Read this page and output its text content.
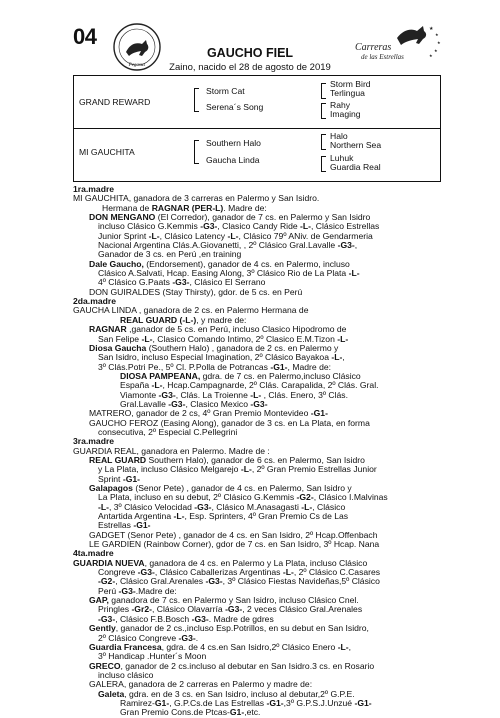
04
Pegasus
★
★
★
★
★
Carreras
de las Estrellas
GAUCHO FIEL
Zaino, nacido el 28 de agosto de 2019
GRAND REWARD
Storm Cat
Serena´s Song
Storm Bird
Terlingua
Rahy
Imaging
MI GAUCHITA
Southern Halo
Gaucha Linda
Halo
Northern Sea
Luhuk
Guardia Real
1ra.madre
MI GAUCHITA, ganadora de 3 carreras en Palermo y San Isidro.
Hermana de RAGNAR (PER-L). Madre de:
DON MENGANO (El Corredor), ganador de 7 cs. en Palermo y San Isidro
incluso Clásico G.Kemmis -G3-, Clasico Candy Ride -L-, Clásico Estrellas
Junior Sprint -L-, Clásico Latency -L-, Clásico 79º ANiv. de Gendarmeria
Nacional Argentina Clás.A.Giovanetti, , 2º Clásico Gral.Lavalle -G3-,
Ganador de 3 cs. en Perú ,en training
Dale Gaucho, (Endorsement), ganador de 4 cs. en Palermo, incluso
Clásico A.Salvati, Hcap. Easing Along, 3º Clásico Rio de La Plata -L-
4º Clásico G.Paats -G3-, Clásico El Serrano
DON GUIRALDES (Stay Thirsty), gdor. de 5 cs. en Perú
2da.madre
GAUCHA LINDA , ganadora de 2 cs. en Palermo Hermana de
REAL GUARD (-L-), y madre de:
RAGNAR ,ganador de 5 cs. en Perú, incluso Clasico Hipodromo de
San Felipe -L-, Clasico Comando Intimo, 2º Clasico E.M.Tizon -L-
Diosa Gaucha (Southern Halo) , ganadora de 2 cs. en Palermo y
San Isidro, incluso Especial Imagination, 2º Clásico Bayakoa -L-,
3º Clás.Potri Pe., 5º Cl. P.Polla de Potrancas -G1-, Madre de:
DIOSA PAMPEANA, gdra. de 7 cs. en Palermo,incluso Clásico
España -L-, Hcap.Campagnarde, 2º Clás. Carapalida, 2º Clás. Gral.
Viamonte -G3-, Clás. La Troienne -L- , Clás. Enero, 3º Clás.
Gral.Lavalle -G3-, Clasico Mexico -G3-
MATRERO, ganador de 2 cs, 4º Gran Premio Montevideo -G1-
GAUCHO FEROZ (Easing Along), ganador de 3 cs. en La Plata, en forma
consecutiva, 2º Especial C.Pellegrini
3ra.madre
GUARDIA REAL, ganadora en Palermo. Madre de :
REAL GUARD Southern Halo), ganador de 6 cs. en Palermo, San Isidro
y La Plata, incluso Clásico Melgarejo -L-, 2º Gran Premio Estrellas Junior
Sprint -G1-
Galapagos (Senor Pete) , ganador de 4 cs. en Palermo, San Isidro y
La Plata, incluso en su debut, 2º Clásico G.Kemmis -G2-, Clásico I.Malvinas
-L-, 3º Clásico Velocidad -G3-, Clásico M.Anasagasti -L-, Clásico
Antartida Argentina -L-, Esp. Sprinters, 4º Gran Premio Cs de Las
Estrellas -G1-
GADGET (Senor Pete) , ganador de 4 cs. en San Isidro, 2º Hcap.Offenbach
LE GARDIEN (Rainbow Corner), gdor de 7 cs. en San Isidro, 3º Hcap. Nana
4ta.madre
GUARDIA NUEVA, ganadora de 4 cs. en Palermo y La Plata, incluso Clásico
Congreve -G3-, Clásico Caballerizas Argentinas -L-, 2º Clásico C.Casares
-G2-, Clásico Gral.Arenales -G3-, 3º Clásico Fiestas Navideñas,5º Clásico
Perú -G3-.Madre de:
GAP, ganadora de 7 cs. en Palermo y San Isidro, incluso Clásico Cnel.
Pringles -Gr2-, Clásico Olavarría -G3-, 2 veces Clásico Gral.Arenales
-G3-, Clásico F.B.Bosch -G3-. Madre de gdres
Gently, ganador de 2 cs.,incluso Esp.Potrillos, en su debut en San Isidro,
2º Clásico Congreve -G3-.
Guardia Francesa, gdra. de 4 cs.en San Isidro,2º Clásico Enero -L-,
3º Handicap .Hunter´s Moon
GRECO, ganador de 2 cs.incluso al debutar en San Isidro.3 cs. en Rosario
incluso clásico
GALERA, ganadora de 2 carreras en Palermo y madre de:
Galeta, gdra. en de 3 cs. en San Isidro, incluso al debutar,2º G.P.E.
Ramirez-G1-, G.P.Cs.de Las Estrellas -G1-,3º G.P.S.J.Unzué -G1-
Gran Premio Cons.de Ptcas-G1-,etc.
